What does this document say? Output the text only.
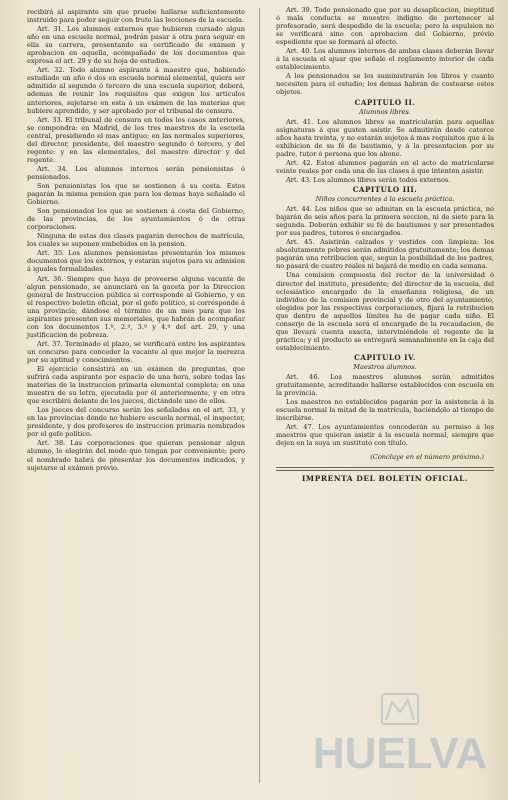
recibirá al aspirante sin que pruebe hallarse suficientemente instruido para poder seguir con fruto las lecciones de la escuela.

Art. 31. Los alumnos externos que hubieren cursado algun año en una escuela normal, podrán pasar á otra para seguir en ella su carrera, presentando su certificado de exámen y aprobacion en aquella, acompañado de los documentos que expresa el art. 29 y de su hoja de estudios.

Art. 32. Todo alumno aspirante á maestro que, habiendo estudiado un año ó dos en escuela normal elemental, quiera ser admitido al segundo ó tercero de una escuela superior, deberá, ademas de reunir los requisitos que exigen los artículos anteriores, sujetarse en esta á un exámen de las materias que hubiere aprendido, y ser aprobado por el tribunal de censura.

Art. 33. El tribunal de censura en todos los casos anteriores, se compondrá: en Madrid, de los tres maestros de la escuela central, presidiendo el mas antiguo; en las normales superiores, del director, presidente, del maestro segundo ó tercero, y del regente: y en las elementales, del maestro director y del regente.

Art. 34. Los alumnos internos serán pensionistas ó pensionados.

Son pensionistas los que se sostienen á su costa. Estos pagarán la misma pension que para los demas haya señalado el Gobierno.

Son pensionados los que se sostienen á costa del Gobierno, de las provincias, de los ayuntamientos ó de otras corporaciones.

Ninguna de estas dos clases pagarán derechos de matrícula, los cuales se suponen embebidos en la pension.

Art. 35. Los alumnos pensionistas presentarán los mismos documentos que los externos, y estarán sujetos para su admision á iguales formalidades.

Art. 36. Siempre que haya de proveerse alguna vacante de algun pensionado, se anunciará en la gaceta por la Direccion general de Instruccion pública si corresponde al Gobierno, y en el respectivo boletin oficial, por el gefe político, si corresponde á una provincia; dándose el término de un mes para que los aspirantes presenten sus memoriales, que habrán de acompañar con los documentos 1.º, 2.º, 3.º y 4.º del art. 29, y una justificacion de pobreza.

Art. 37. Terminado el plazo, se verificará entre los aspirantes un concurso para conceder la vacante al que mejor la merezca por su aptitud y conocimientos.

El ejercicio consistirá en un exámen de preguntas, que sufrirá cada aspirante por espacio de una hora, sobre todas las materias de la instruccion primaria elemental completa; en una muestra de su letra, ejecutada por él anteriormente, y en otra que escribirá delante de los jueces, dictándole uno de ellos.

Los jueces del concurso serán los señalados en el art. 33, y en las provincias donde no hubiere escuela normal, el inspector, presidente, y dos profesores de instruccion primaria nombrados por el gefe político.

Art. 38. Las corporaciones que quieran pensionar algun alumno, lo elegirán del modo que tengan por conveniente; pero el nombrado habrá de presentar los documentos indicados, y sujetarse al exámen prévio.

Art. 39. Todo pensionado que por su desaplicacion, ineptitud ó mala conducta se muestre indigno de pertenecer al profesorado, será despedido de la escuela; pero la espulsion no se verificará sino con aprobacion del Gobierno, prévio espediente que se formará al efecto.

Art. 40. Los alumnos internos de ambas clases deberán llevar á la escuela el ajuar que señale el reglamento interior de cada establecimiento.

A los pensionados se les suministrarán los libros y cuanto necesiten para el estudio; los demas habrán de costearse estos objetos.

CAPITULO II.
Alumnos libres.

Art. 41. Los alumnos libres se matricularán para aquellas asignaturas á que gusten asistir. Se admitirán desde catorce años hasta treinta, y no estarán sujetos á mas requisitos que á la exhibicion de su fé de bautismo, y á la presentacion por su padre, tutor ó persona que los abone.

Art. 42. Estos alumnos pagarán en el acto de matricularse veinte reales por cada una de las clases á que intenten asistir.

Art. 43. Los alumnos libres serán todos externos.

CAPITULO III.
Niños concurrentes á la escuela práctica.

Art. 44. Los niños que se admitan en la escuela práctica, no bajarán de seis años para la primera seccion, ni de siete para la segunda. Deberán exhibir su fé de bautismos y ser presentados por sus padres, tutores ó encargados.

Art. 45. Asistirán calzados y vestidos con limpieza: los absolutamente pobres serán admitidos gratuitamente; los demas pagarán una retribucion que, segun la posibilidad de los padres, no pasará de cuatro reales ni bajará de medio en cada semana.

Una comision compuesta del rector de la universidad ó director del instituto, presidente; del director de la escuela, del eclesiástico encargado de la enseñanza religiosa, de un individuo de la comision provincial y de otro del ayuntamiento, elegidos por las respectivas corporaciones, fijará la retribucion que dentro de aquellos límites ha de pagar cada niño. El conserje de la escuela será el encargado de la recaudacion, de que llevará cuenta exacta, interviniéndole el regente de la práctica; y el producto se entregará semanalmente en la caja del establecimiento.

CAPITULO IV.
Maestros alumnos.

Art. 46. Los maestros alumnos serán admitidos gratuitamente, acreditando hallarse establecidos con escuela en la provincia.

Los maestros no establecidos pagarán por la asistencia á la escuela normal la mitad de la matrícula, haciéndolo al tiempo de inscribirse.

Art. 47. Los ayuntamientos concederán su permiso á los maestros que quieran asistir á la escuela normal, siempre que dejen en la suya un sustituto con título.

(Concluye en el número próximo.)
IMPRENTA DEL BOLETIN OFICIAL.
HUELVA
